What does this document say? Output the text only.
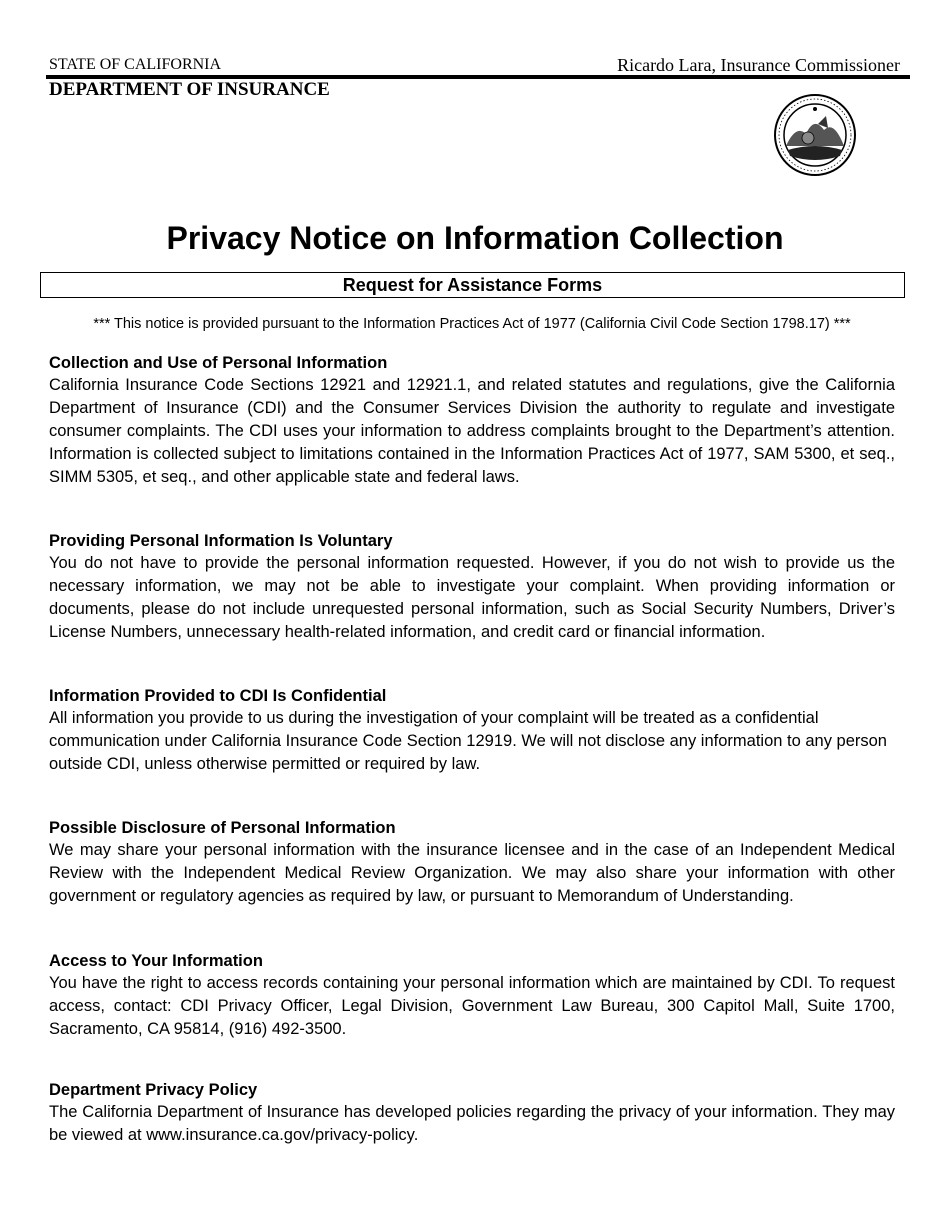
STATE OF CALIFORNIA	Ricardo Lara, Insurance Commissioner
DEPARTMENT OF INSURANCE
Privacy Notice on Information Collection
Request for Assistance Forms
*** This notice is provided pursuant to the Information Practices Act of 1977 (California Civil Code Section 1798.17) ***
Collection and Use of Personal Information

California Insurance Code Sections 12921 and 12921.1, and related statutes and regulations, give the California Department of Insurance (CDI) and the Consumer Services Division the authority to regulate and investigate consumer complaints. The CDI uses your information to address complaints brought to the Department’s attention. Information is collected subject to limitations contained in the Information Practices Act of 1977, SAM 5300, et seq., SIMM 5305, et seq., and other applicable state and federal laws.

Providing Personal Information Is Voluntary

You do not have to provide the personal information requested. However, if you do not wish to provide us the necessary information, we may not be able to investigate your complaint. When providing information or documents, please do not include unrequested personal information, such as Social Security Numbers, Driver’s License Numbers, unnecessary health-related information, and credit card or financial information.

Information Provided to CDI Is Confidential

All information you provide to us during the investigation of your complaint will be treated as a confidential communication under California Insurance Code Section 12919. We will not disclose any information to any person outside CDI, unless otherwise permitted or required by law.

Possible Disclosure of Personal Information

We may share your personal information with the insurance licensee and in the case of an Independent Medical Review with the Independent Medical Review Organization. We may also share your information with other government or regulatory agencies as required by law, or pursuant to Memorandum of Understanding.

Access to Your Information

You have the right to access records containing your personal information which are maintained by CDI. To request access, contact: CDI Privacy Officer, Legal Division, Government Law Bureau, 300 Capitol Mall, Suite 1700, Sacramento, CA 95814, (916) 492-3500.

Department Privacy Policy

The California Department of Insurance has developed policies regarding the privacy of your information. They may be viewed at www.insurance.ca.gov/privacy-policy.
